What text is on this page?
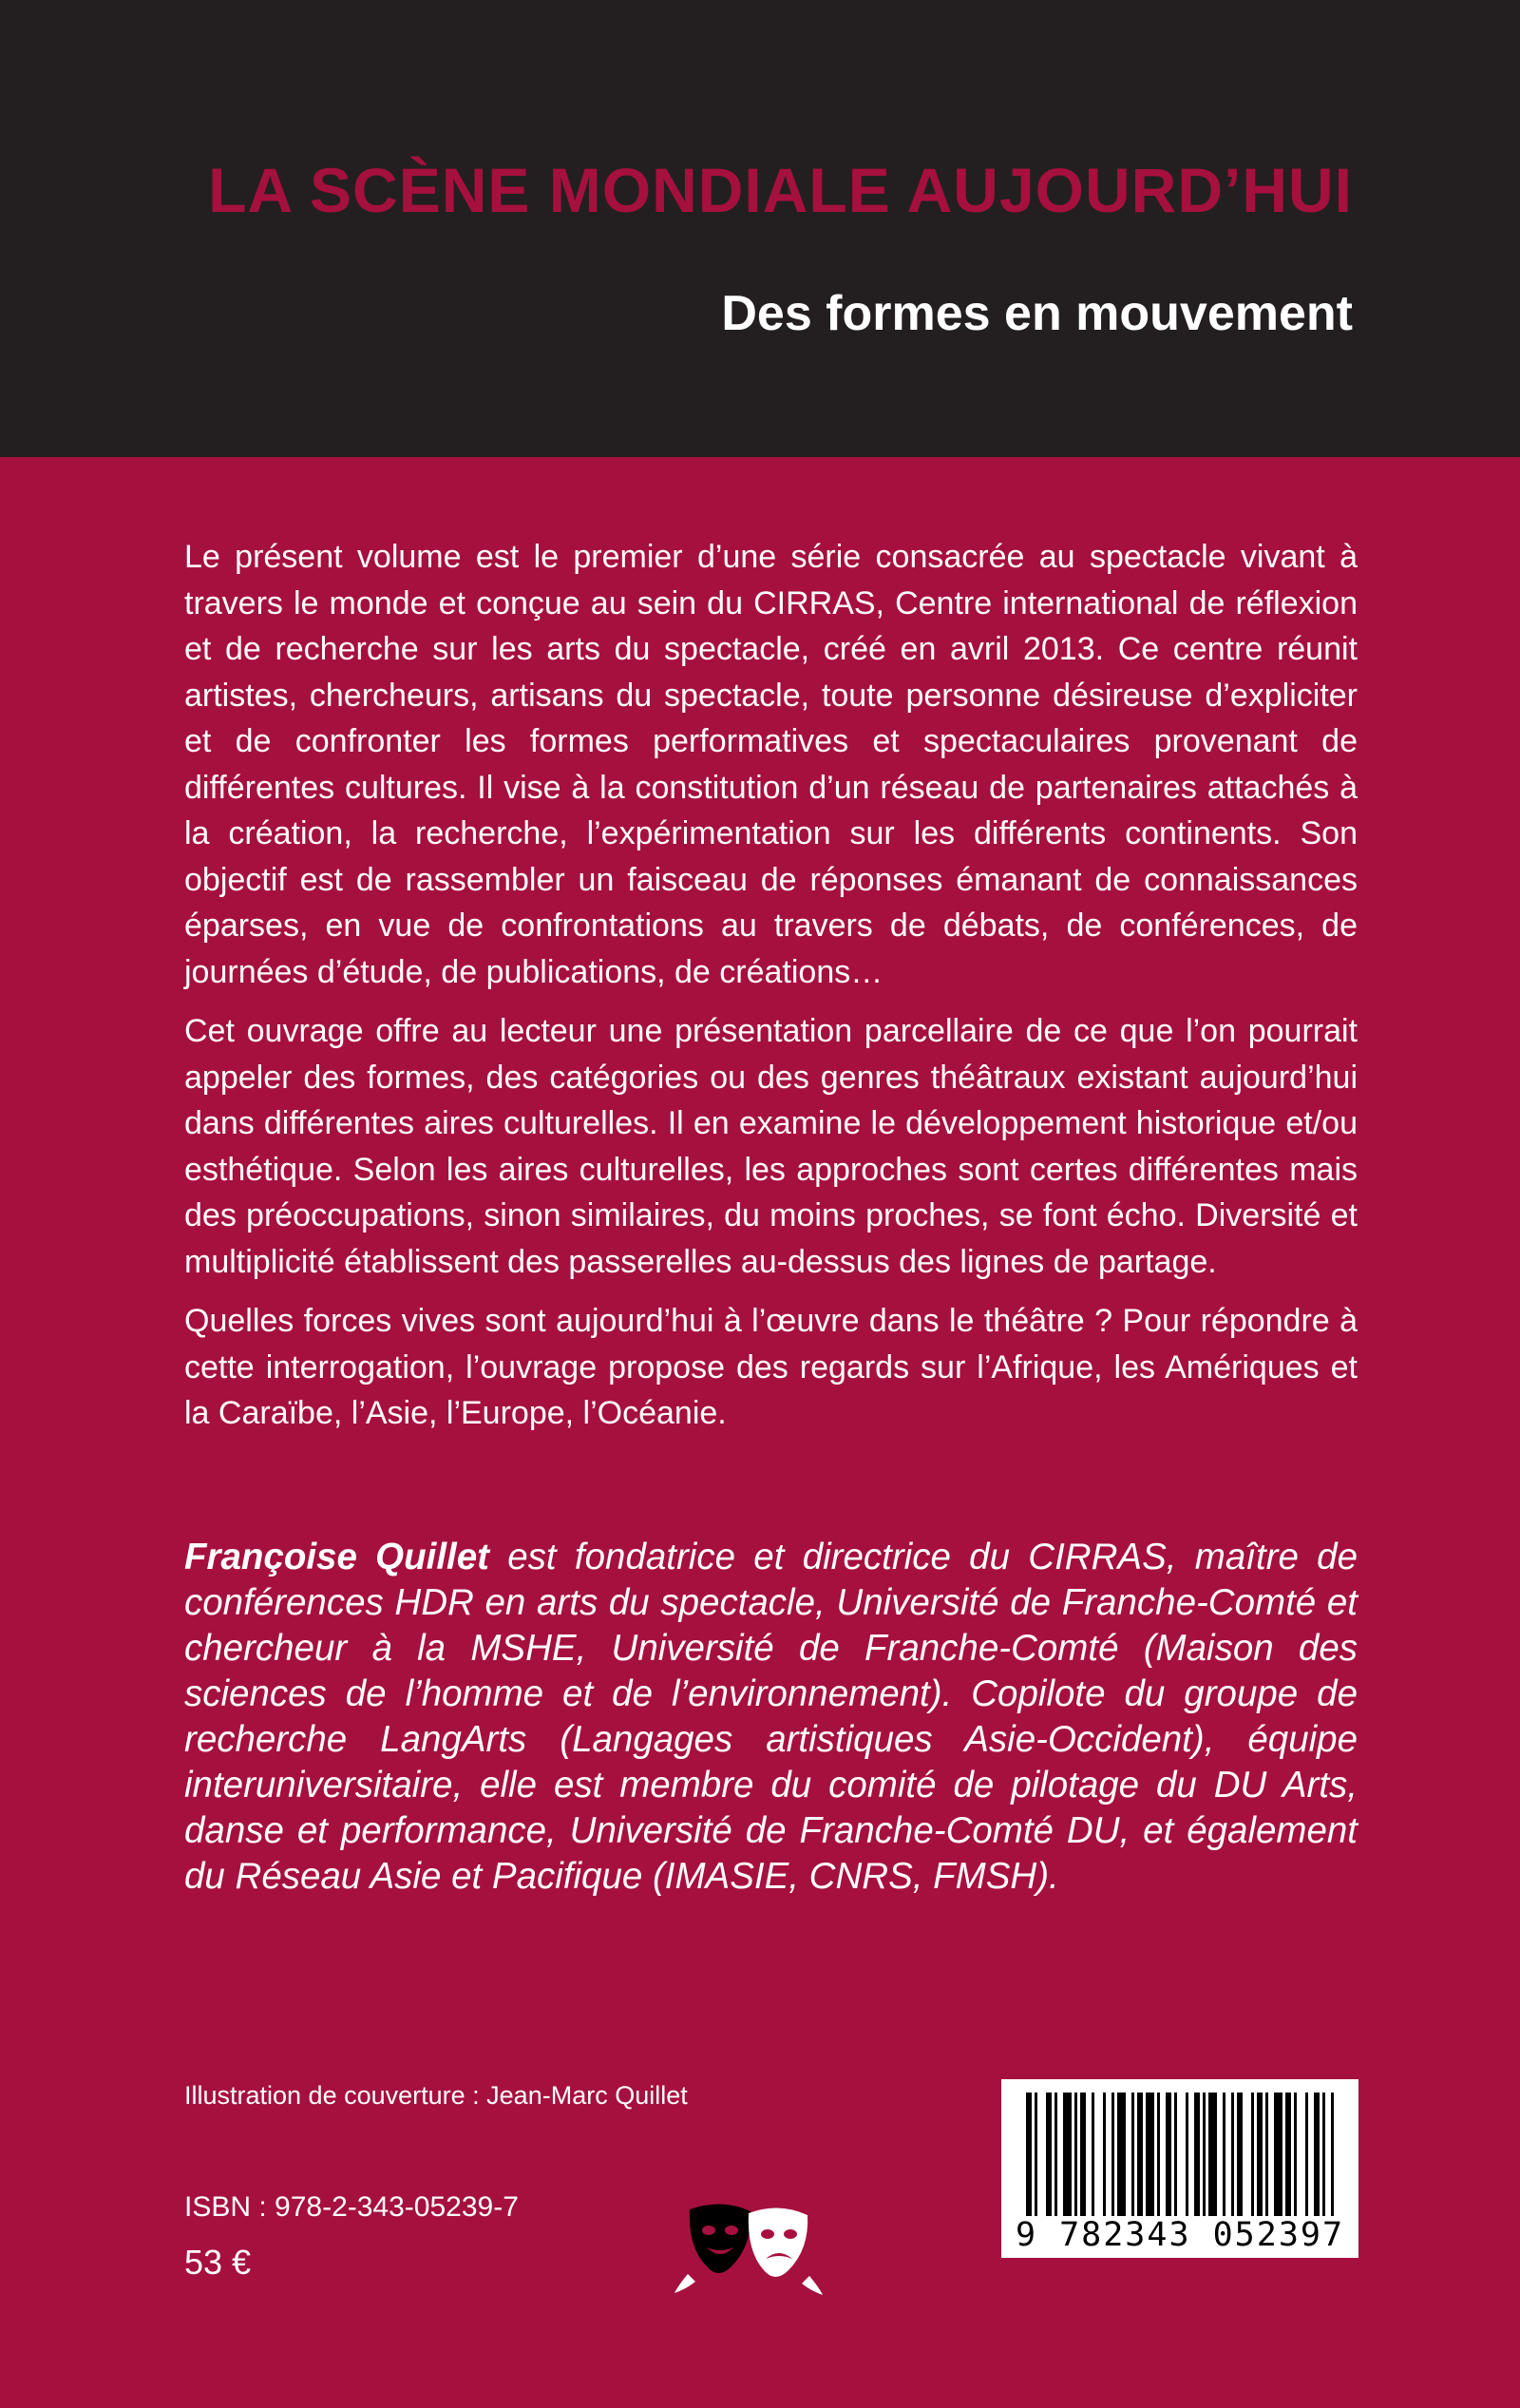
LA SCÈNE MONDIALE AUJOURD’HUI
Des formes en mouvement

Le présent volume est le premier d’une série consacrée au spectacle vivant à travers le monde et conçue au sein du CIRRAS, Centre international de réflexion et de recherche sur les arts du spectacle, créé en avril 2013. Ce centre réunit artistes, chercheurs, artisans du spectacle, toute personne désireuse d’expliciter et de confronter les formes performatives et spectaculaires provenant de différentes cultures. Il vise à la constitution d’un réseau de partenaires attachés à la création, la recherche, l’expérimentation sur les différents continents. Son objectif est de rassembler un faisceau de réponses émanant de connaissances éparses, en vue de confrontations au travers de débats, de conférences, de journées d’étude, de publications, de créations…

Cet ouvrage offre au lecteur une présentation parcellaire de ce que l’on pourrait appeler des formes, des catégories ou des genres théâtraux existant aujourd’hui dans différentes aires culturelles. Il en examine le développement historique et/ou esthétique. Selon les aires culturelles, les approches sont certes différentes mais des préoccupations, sinon similaires, du moins proches, se font écho. Diversité et multiplicité établissent des passerelles au-dessus des lignes de partage.

Quelles forces vives sont aujourd’hui à l’œuvre dans le théâtre ? Pour répondre à cette interrogation, l’ouvrage propose des regards sur l’Afrique, les Amériques et la Caraïbe, l’Asie, l’Europe, l’Océanie.

Françoise Quillet est fondatrice et directrice du CIRRAS, maître de conférences HDR en arts du spectacle, Université de Franche-Comté et chercheur à la MSHE, Université de Franche-Comté (Maison des sciences de l’homme et de l’environnement). Copilote du groupe de recherche LangArts (Langages artistiques Asie-Occident), équipe interuniversitaire, elle est membre du comité de pilotage du DU Arts, danse et performance, Université de Franche-Comté DU, et également du Réseau Asie et Pacifique (IMASIE, CNRS, FMSH).

Illustration de couverture : Jean-Marc Quillet

ISBN : 978-2-343-05239-7

53 €

9 782343 052397
